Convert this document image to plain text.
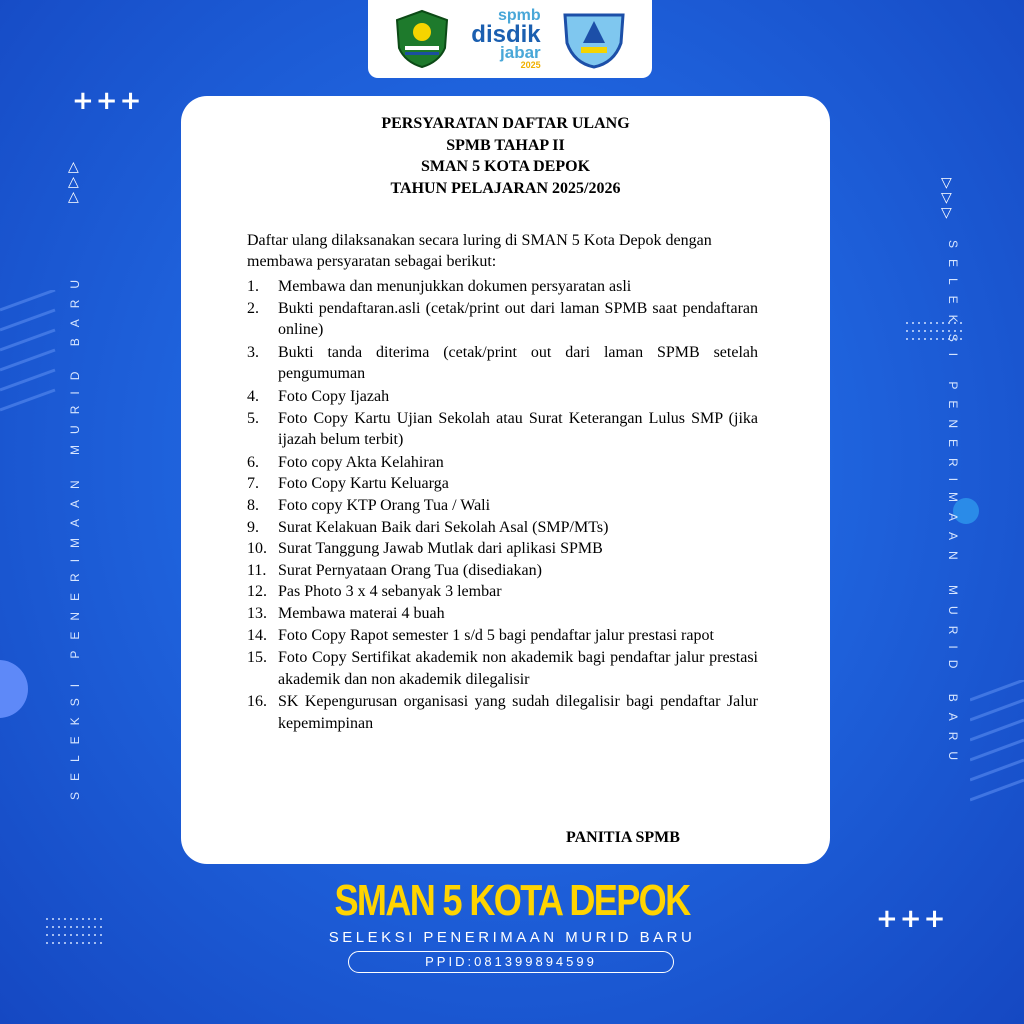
spmb
disdik
jabar
2025
+++
+++
△
△
△
▽
▽
▽
SELEKSI PENERIMAAN MURID BARU	SELEKSI PENERIMAAN MURID BARU
PERSYARATAN DAFTAR ULANG
SPMB TAHAP II
SMAN 5 KOTA DEPOK
TAHUN PELAJARAN 2025/2026
Daftar ulang dilaksanakan secara luring di SMAN 5 Kota Depok dengan membawa persyaratan sebagai berikut:
1.	Membawa dan menunjukkan dokumen persyaratan asli
2.	Bukti pendaftaran.asli (cetak/print out dari laman SPMB saat pendaftaran online)
3.	Bukti tanda diterima (cetak/print out dari laman SPMB setelah pengumuman
4.	Foto Copy Ijazah
5.	Foto Copy Kartu Ujian Sekolah atau Surat Keterangan Lulus SMP (jika ijazah belum terbit)
6.	Foto copy Akta Kelahiran
7.	Foto Copy Kartu Keluarga
8.	Foto copy KTP Orang Tua / Wali
9.	Surat Kelakuan Baik dari Sekolah Asal (SMP/MTs)
10. Surat Tanggung Jawab Mutlak dari aplikasi SPMB
11. Surat Pernyataan Orang Tua (disediakan)
12. Pas Photo 3 x 4 sebanyak 3 lembar
13. Membawa materai 4 buah
14. Foto Copy Rapot semester 1 s/d 5 bagi pendaftar jalur prestasi rapot
15. Foto Copy Sertifikat akademik non akademik bagi pendaftar jalur prestasi akademik dan non akademik dilegalisir
16. SK Kepengurusan organisasi yang sudah dilegalisir bagi pendaftar Jalur kepemimpinan
PANITIA SPMB
SMAN 5 KOTA DEPOK
SELEKSI PENERIMAAN MURID BARU
PPID:081399894599
